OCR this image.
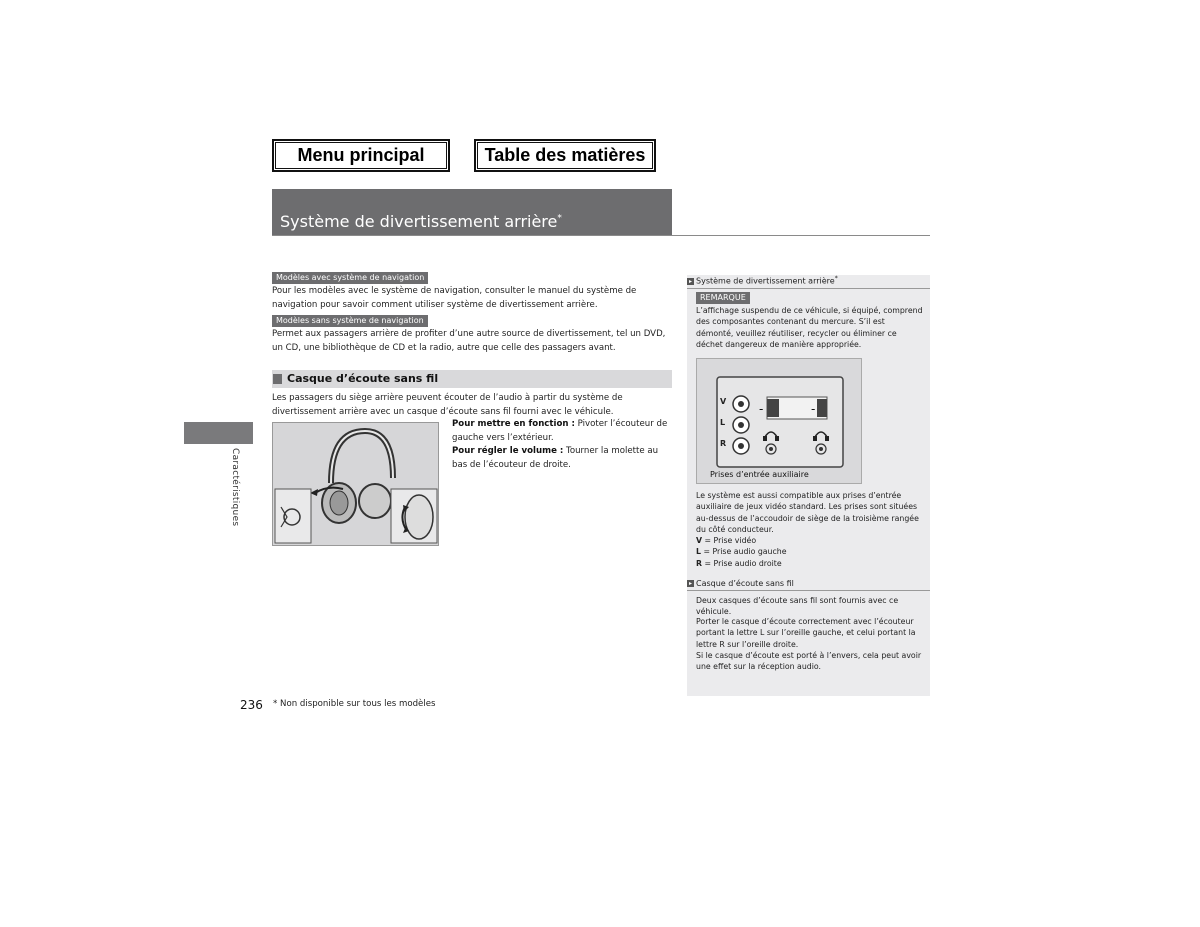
Menu principal	Table des matières
Système de divertissement arrière*
Caractéristiques
Modèles avec système de navigation
Pour les modèles avec le système de navigation, consulter le manuel du système de navigation pour savoir comment utiliser système de divertissement arrière.
Modèles sans système de navigation
Permet aux passagers arrière de profiter d’une autre source de divertissement, tel un DVD, un CD, une bibliothèque de CD et la radio, autre que celle des passagers avant.
Casque d’écoute sans fil
Les passagers du siège arrière peuvent écouter de l’audio à partir du système de divertissement arrière avec un casque d’écoute sans fil fourni avec le véhicule.
Pour mettre en fonction : Pivoter l’écouteur de gauche vers l’extérieur.
Pour régler le volume : Tourner la molette au bas de l’écouteur de droite.
▸ Système de divertissement arrière*
REMARQUE
L’affichage suspendu de ce véhicule, si équipé, comprend des composantes contenant du mercure. S’il est démonté, veuillez réutiliser, recycler ou éliminer ce déchet dangereux de manière appropriée.
-	-
V
L
R
Prises d’entrée auxiliaire
Le système est aussi compatible aux prises d’entrée auxiliaire de jeux vidéo standard. Les prises sont situées au-dessus de l’accoudoir de siège de la troisième rangée du côté conducteur.
V = Prise vidéo
L = Prise audio gauche
R = Prise audio droite
▸ Casque d’écoute sans fil
Deux casques d’écoute sans fil sont fournis avec ce véhicule.
Porter le casque d’écoute correctement avec l’écouteur portant la lettre L sur l’oreille gauche, et celui portant la lettre R sur l’oreille droite.
Si le casque d’écoute est porté à l’envers, cela peut avoir une effet sur la réception audio.
236 * Non disponible sur tous les modèles
